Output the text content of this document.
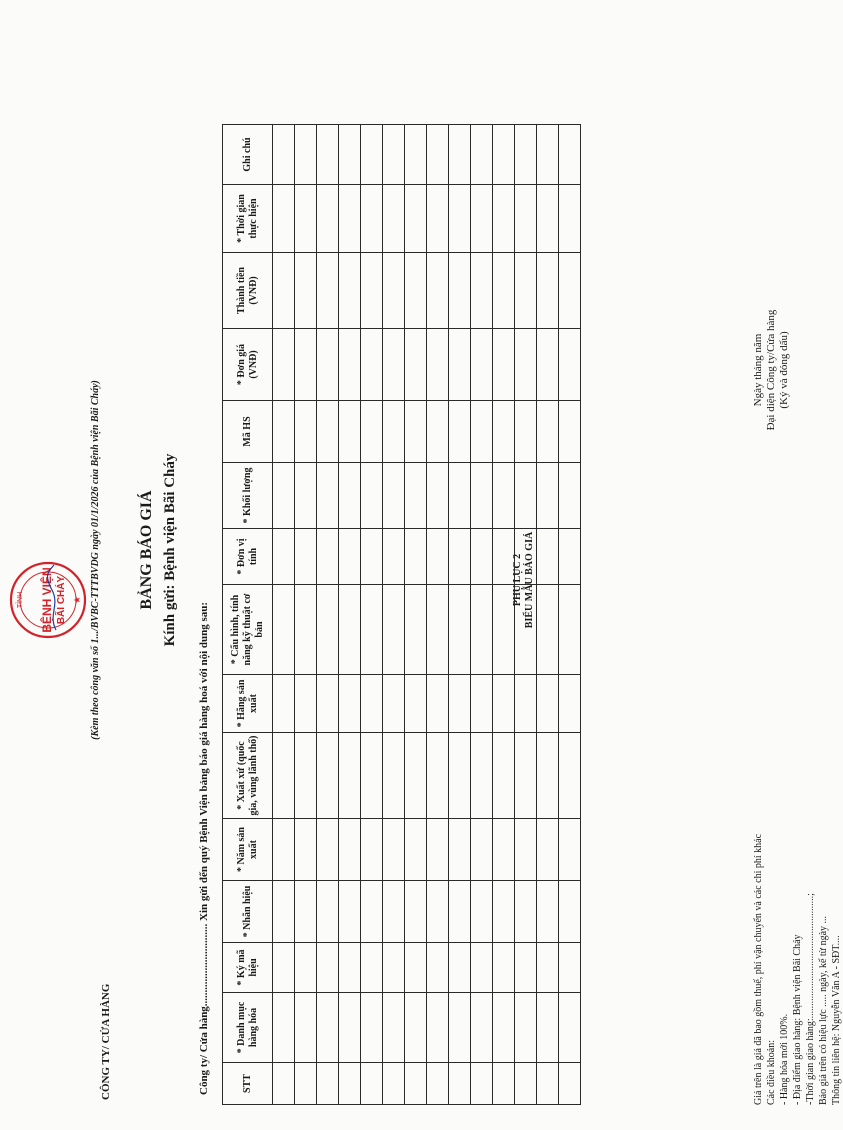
CÔNG TY/ CỬA HÀNG
TỈNH BỆNH VIỆN BÃI CHÁY ★	PHỤ LỤC 2 BIỂU MẪU BÁO GIÁ
(Kèm theo công văn số 1.../BVBC-TTTBVDG ngày 01/1/2026 của Bệnh viện Bãi Cháy) BẢNG BÁO GIÁ Kính gửi: Bệnh viện Bãi Cháy
Công ty/ Cửa hàng.............................. Xin gửi đến quý Bệnh Viện bảng báo giá hàng hoá với nội dung sau:	STT	* Danh mục hàng hóa	* Ký mã hiệu	* Nhãn hiệu	* Năm sản xuất	* Xuất xứ (quốc gia, vùng lãnh thổ)	* Hãng sản xuất	* Cấu hình, tính năng kỹ thuật cơ bản	* Đơn vị tính	* Khối lượng	Mã HS	* Đơn giá (VNĐ)	Thành tiền (VNĐ)	* Thời gian thực hiện	Ghi chú

Giá trên là giá đã bao gồm thuế, phí vận chuyển và các chi phí khác Các điều khoản: - Hàng hóa mới 100%. - Địa điểm giao hàng: Bệnh viện Bãi Cháy -Thời gian giao hàng:.................................................; Báo giá trên có hiệu lực ..... ngày, kể từ ngày ... Thông tin liên hệ: Nguyễn Văn A - SĐT....
Ngày tháng năm Đại diện Công ty/Cửa hàng (Ký và đóng dấu)
